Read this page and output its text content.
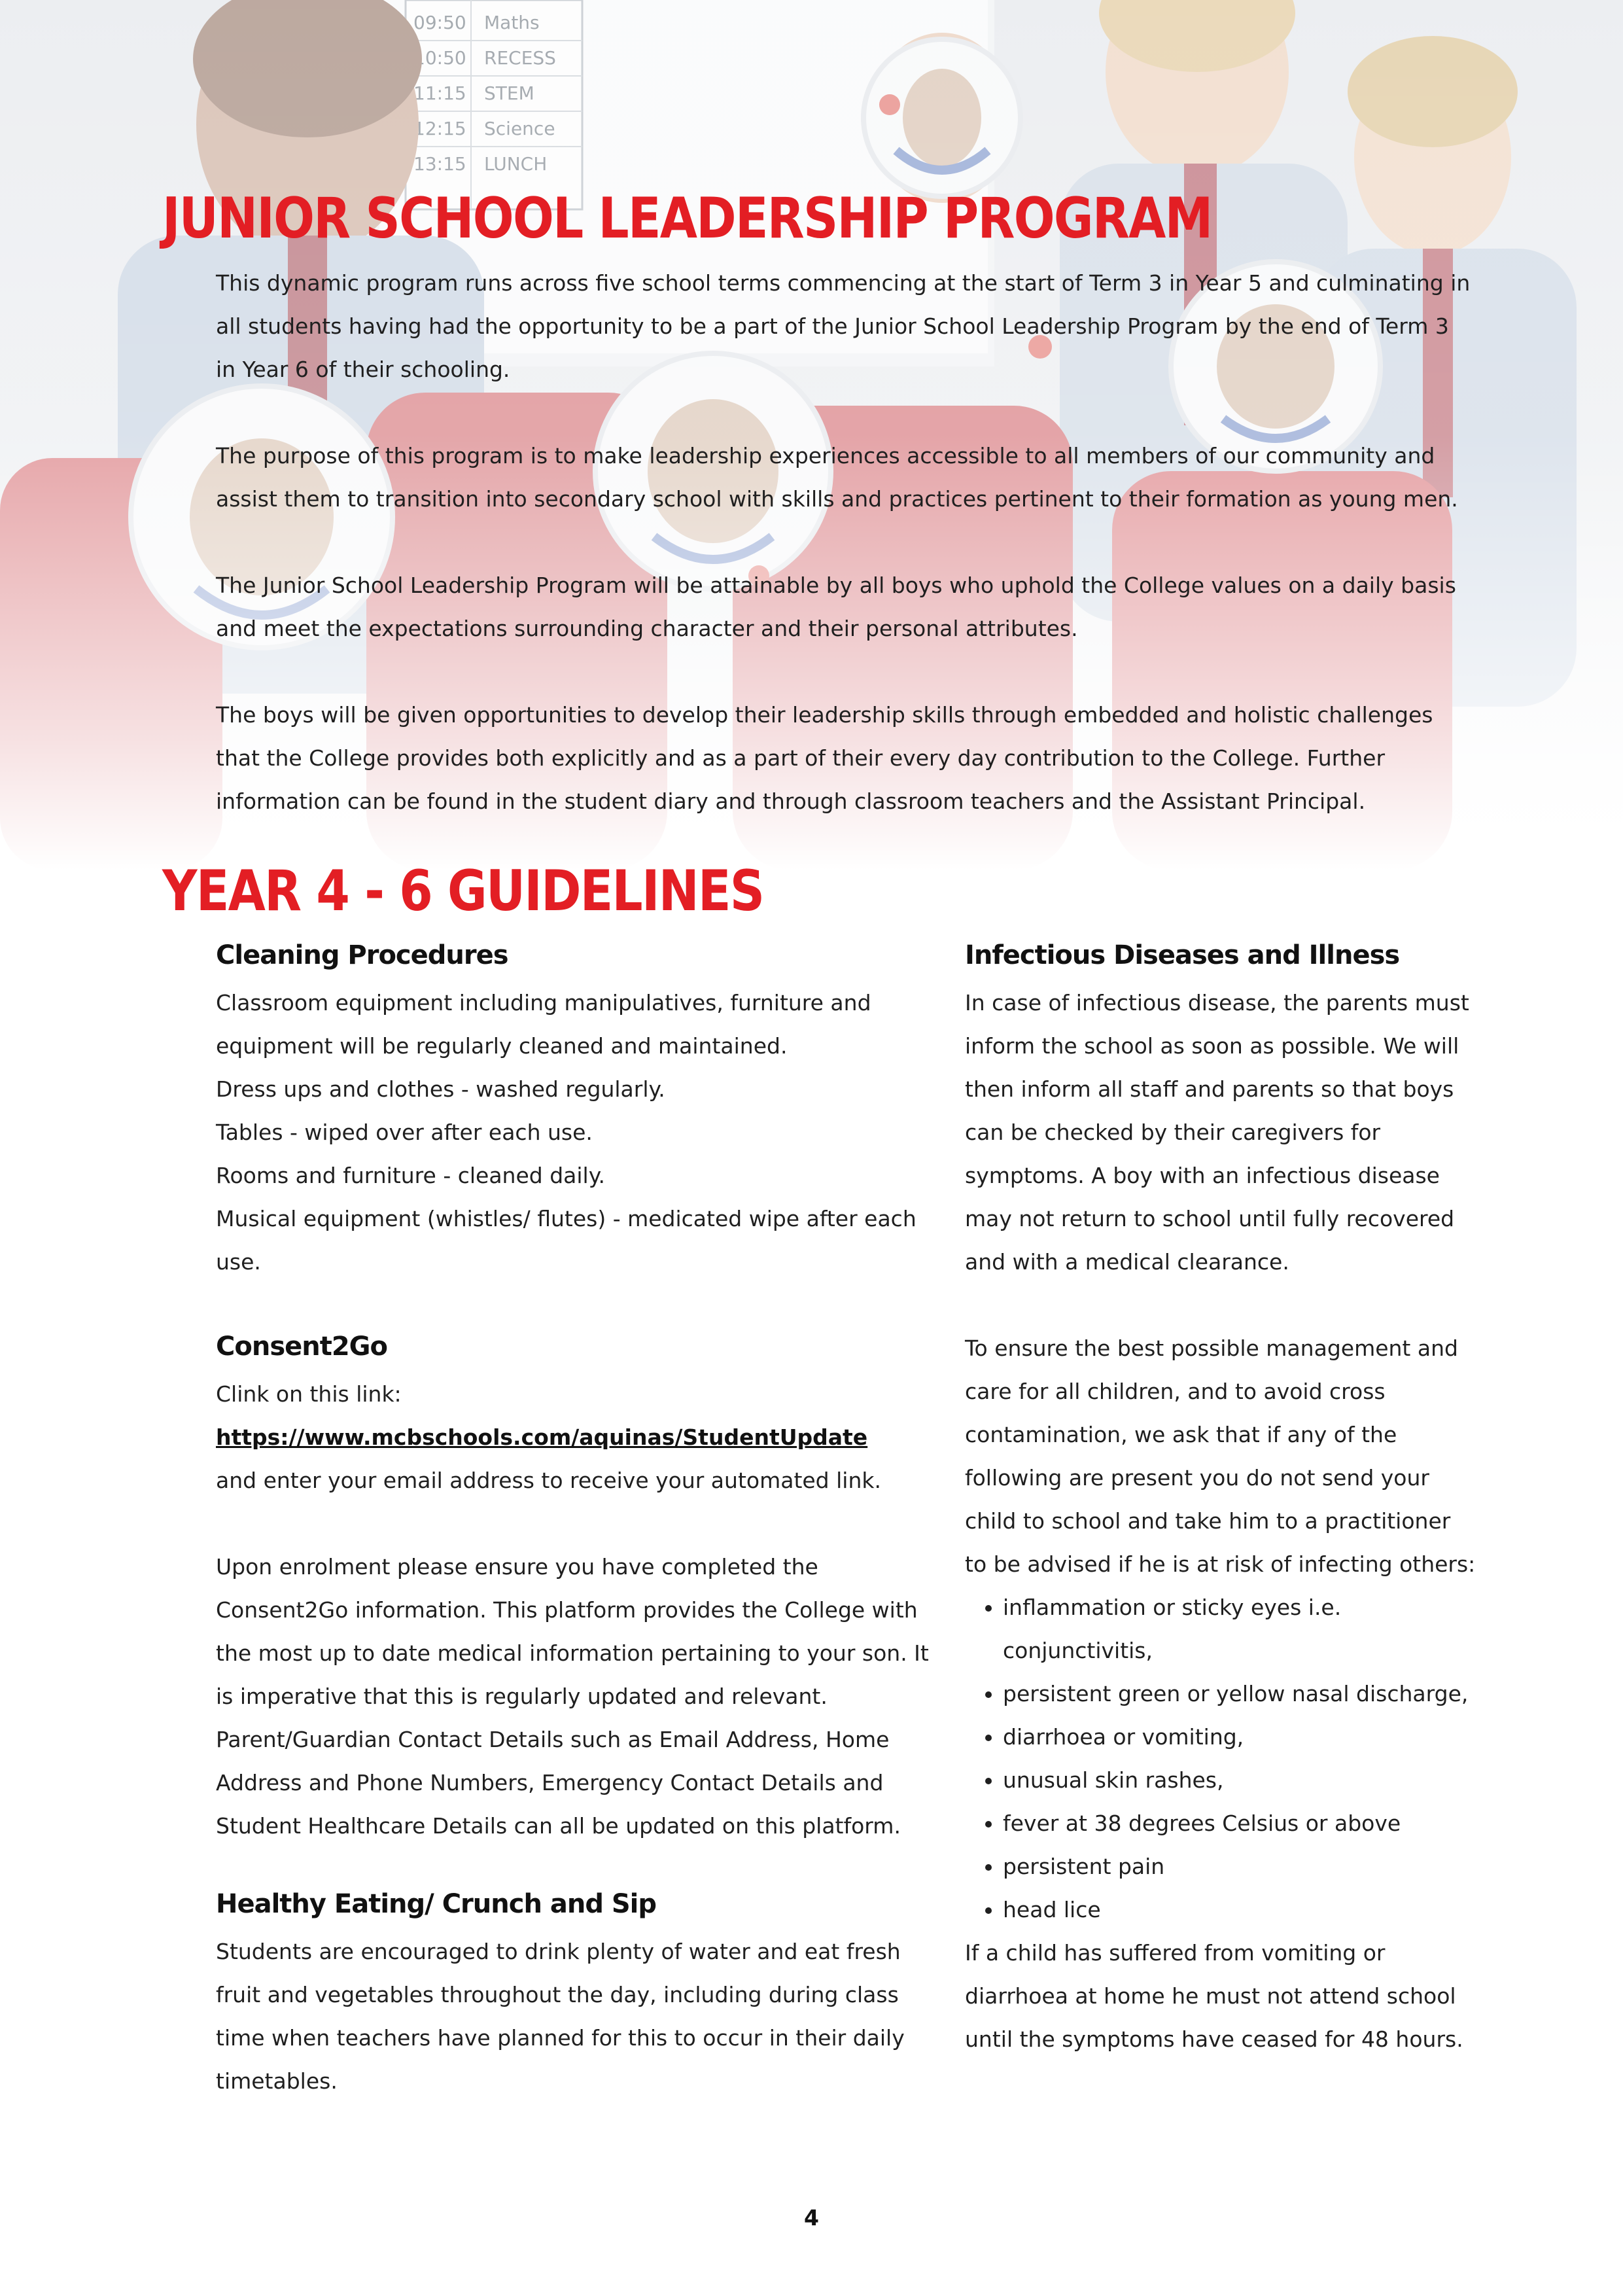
JUNIOR SCHOOL LEADERSHIP PROGRAM

This dynamic program runs across five school terms commencing at the start of Term 3 in Year 5 and culminating in all students having had the opportunity to be a part of the Junior School Leadership Program by the end of Term 3 in Year 6 of their schooling.

The purpose of this program is to make leadership experiences accessible to all members of our community and assist them to transition into secondary school with skills and practices pertinent to their formation as young men.

The Junior School Leadership Program will be attainable by all boys who uphold the College values on a daily basis and meet the expectations surrounding character and their personal attributes.

The boys will be given opportunities to develop their leadership skills through embedded and holistic challenges that the College provides both explicitly and as a part of their every day contribution to the College. Further information can be found in the student diary and through classroom teachers and the Assistant Principal.

YEAR 4 - 6 GUIDELINES
Cleaning Procedures

Classroom equipment including manipulatives, furniture and equipment will be regularly cleaned and maintained.

Dress ups and clothes - washed regularly.

Tables - wiped over after each use.

Rooms and furniture - cleaned daily.

Musical equipment (whistles/ flutes) - medicated wipe after each use.

Consent2Go

Clink on this link:

https://www.mcbschools.com/aquinas/StudentUpdate

and enter your email address to receive your automated link.

Upon enrolment please ensure you have completed the Consent2Go information. This platform provides the College with the most up to date medical information pertaining to your son. It is imperative that this is regularly updated and relevant. Parent/Guardian Contact Details such as Email Address, Home Address and Phone Numbers, Emergency Contact Details and Student Healthcare Details can all be updated on this platform.

Healthy Eating/ Crunch and Sip

Students are encouraged to drink plenty of water and eat fresh fruit and vegetables throughout the day, including during class time when teachers have planned for this to occur in their daily timetables.

Infectious Diseases and Illness

In case of infectious disease, the parents must inform the school as soon as possible. We will then inform all staff and parents so that boys can be checked by their caregivers for symptoms. A boy with an infectious disease may not return to school until fully recovered and with a medical clearance.

To ensure the best possible management and care for all children, and to avoid cross contamination, we ask that if any of the following are present you do not send your child to school and take him to a practitioner to be advised if he is at risk of infecting others:

• inflammation or sticky eyes i.e. conjunctivitis,
• persistent green or yellow nasal discharge,
• diarrhoea or vomiting,
• unusual skin rashes,
• fever at 38 degrees Celsius or above
• persistent pain
• head lice

If a child has suffered from vomiting or diarrhoea at home he must not attend school until the symptoms have ceased for 48 hours.

4
